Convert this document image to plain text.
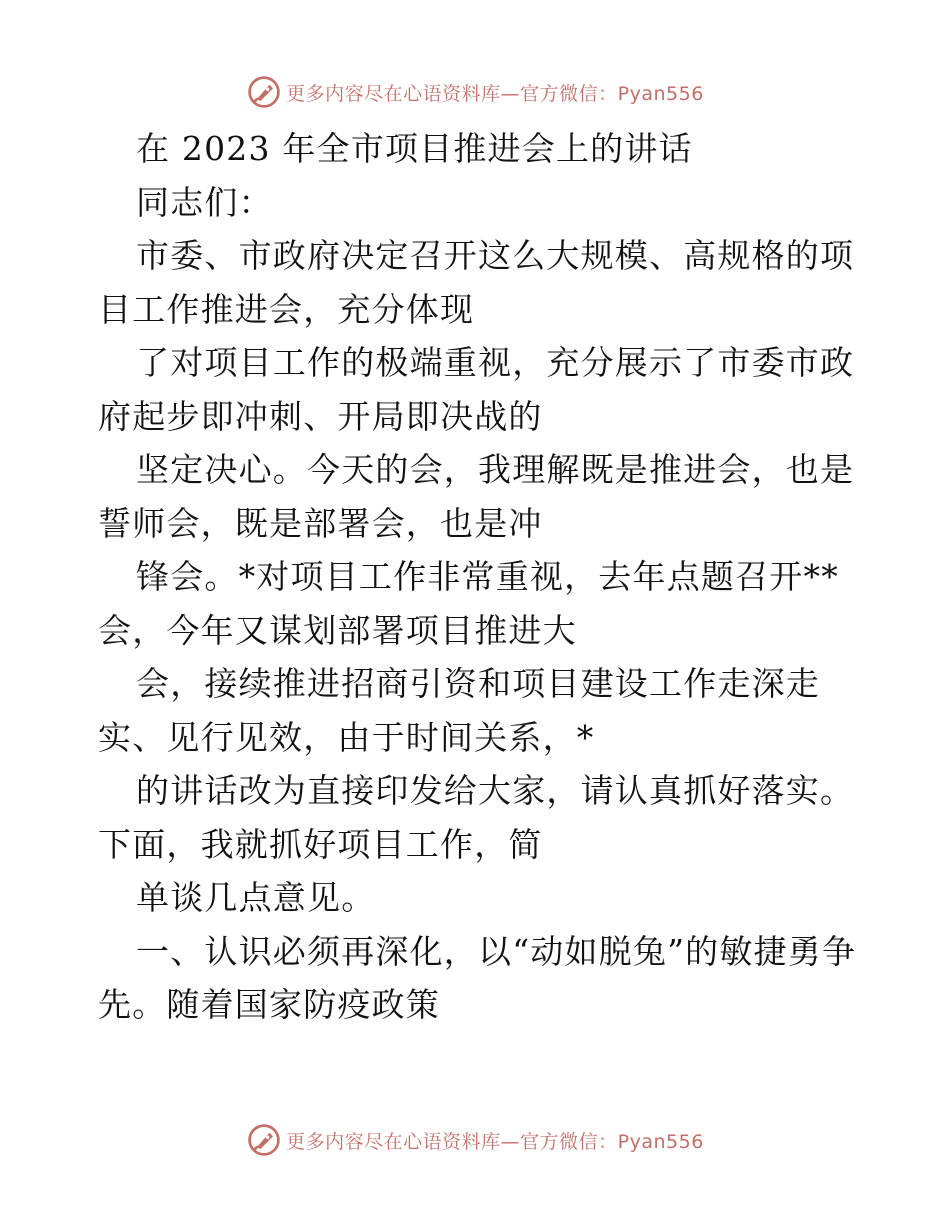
更多内容尽在心语资料库—官方微信：Pyan556

在 2023 年全市项目推进会上的讲话

同志们：

市委、市政府决定召开这么大规模、高规格的项目工作推进会，充分体现

了对项目工作的极端重视，充分展示了市委市政府起步即冲刺、开局即决战的

坚定决心。今天的会，我理解既是推进会，也是誓师会，既是部署会，也是冲

锋会。*对项目工作非常重视，去年点题召开**会，今年又谋划部署项目推进大

会，接续推进招商引资和项目建设工作走深走实、见行见效，由于时间关系，*

的讲话改为直接印发给大家，请认真抓好落实。下面，我就抓好项目工作，简

单谈几点意见。

一、认识必须再深化，以“动如脱兔”的敏捷勇争先。随着国家防疫政策

更多内容尽在心语资料库—官方微信：Pyan556
